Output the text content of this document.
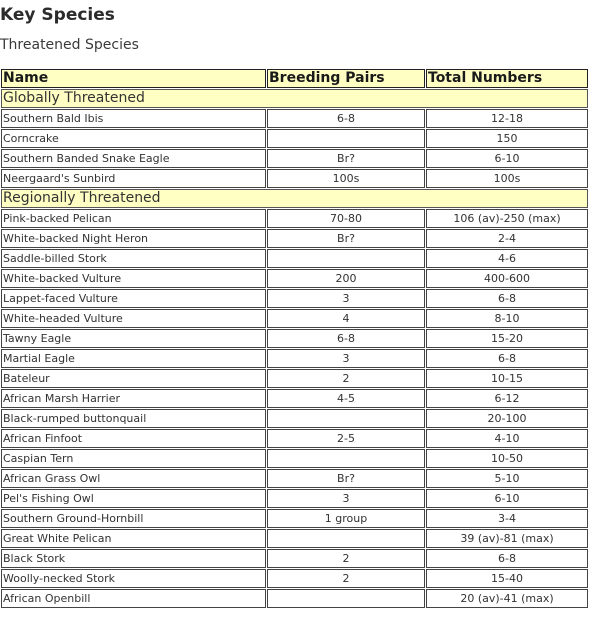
Key Species
Threatened Species
Name	Breeding Pairs	Total Numbers
Globally Threatened		
Southern Bald Ibis	6-8	12-18
Corncrake		150
Southern Banded Snake Eagle	Br?	6-10
Neergaard's Sunbird	100s	100s
Regionally Threatened		
Pink-backed Pelican	70-80	106 (av)-250 (max)
White-backed Night Heron	Br?	2-4
Saddle-billed Stork		4-6
White-backed Vulture	200	400-600
Lappet-faced Vulture	3	6-8
White-headed Vulture	4	8-10
Tawny Eagle	6-8	15-20
Martial Eagle	3	6-8
Bateleur	2	10-15
African Marsh Harrier	4-5	6-12
Black-rumped buttonquail		20-100
African Finfoot	2-5	4-10
Caspian Tern		10-50
African Grass Owl	Br?	5-10
Pel's Fishing Owl	3	6-10
Southern Ground-Hornbill	1 group	3-4
Great White Pelican		39 (av)-81 (max)
Black Stork	2	6-8
Woolly-necked Stork	2	15-40
African Openbill		20 (av)-41 (max)
